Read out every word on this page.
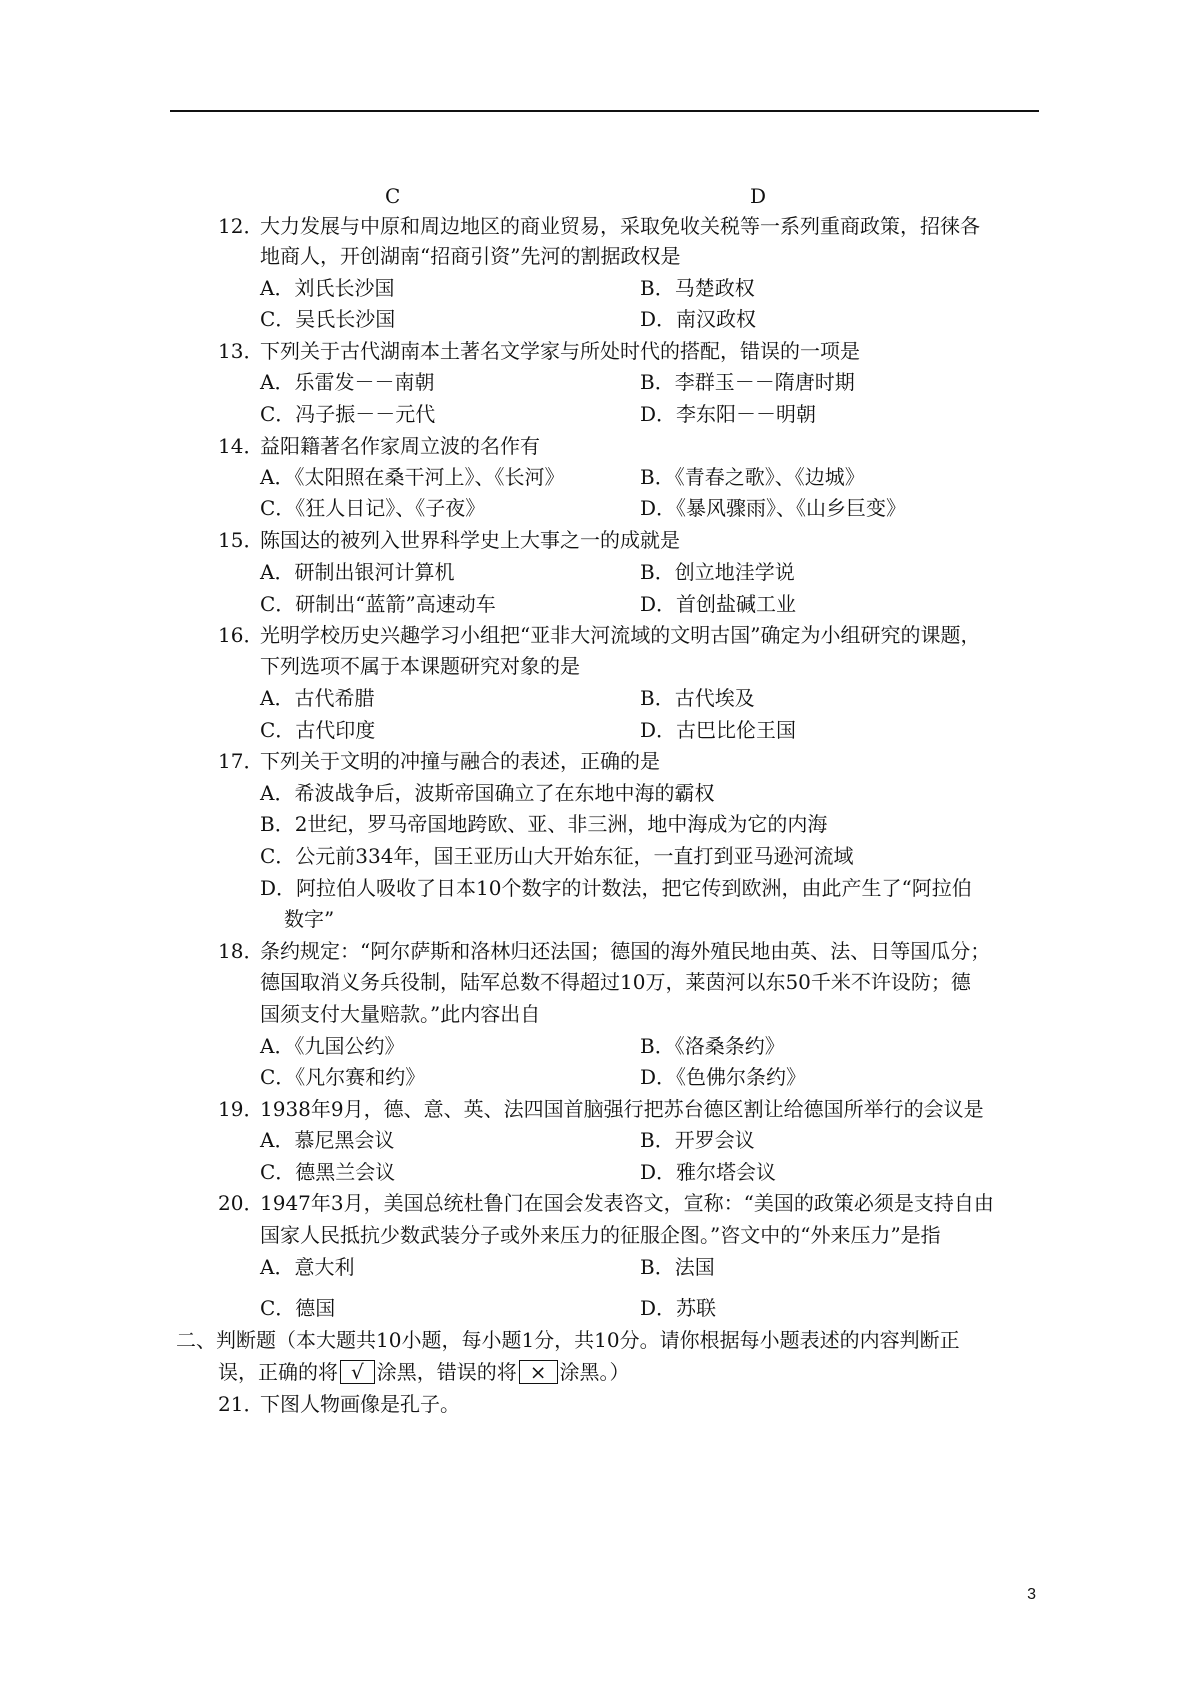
C	D
12．大力发展与中原和周边地区的商业贸易，采取免收关税等一系列重商政策，招徕各
地商人，开创湖南“招商引资”先河的割据政权是
A．刘氏长沙国	B．马楚政权
C．吴氏长沙国	D．南汉政权
13．下列关于古代湖南本土著名文学家与所处时代的搭配，错误的一项是
A．乐雷发－－南朝	B．李群玉－－隋唐时期
C．冯子振－－元代	D．李东阳－－明朝
14．益阳籍著名作家周立波的名作有
A．《太阳照在桑干河上》、《长河》	B．《青春之歌》、《边城》
C．《狂人日记》、《子夜》	D．《暴风骤雨》、《山乡巨变》
15．陈国达的被列入世界科学史上大事之一的成就是
A．研制出银河计算机	B．创立地洼学说
C．研制出“蓝箭”高速动车	D．首创盐碱工业
16．光明学校历史兴趣学习小组把“亚非大河流域的文明古国”确定为小组研究的课题，
下列选项不属于本课题研究对象的是
A．古代希腊	B．古代埃及
C．古代印度	D．古巴比伦王国
17．下列关于文明的冲撞与融合的表述，正确的是
A．希波战争后，波斯帝国确立了在东地中海的霸权
B．2世纪，罗马帝国地跨欧、亚、非三洲，地中海成为它的内海
C．公元前334年，国王亚历山大开始东征，一直打到亚马逊河流域
D．阿拉伯人吸收了日本10个数字的计数法，把它传到欧洲，由此产生了“阿拉伯
数字”
18．条约规定：“阿尔萨斯和洛林归还法国；德国的海外殖民地由英、法、日等国瓜分；
德国取消义务兵役制，陆军总数不得超过10万，莱茵河以东50千米不许设防；德
国须支付大量赔款。”此内容出自
A．《九国公约》	B．《洛桑条约》
C．《凡尔赛和约》	D．《色佛尔条约》
19．1938年9月，德、意、英、法四国首脑强行把苏台德区割让给德国所举行的会议是
A．慕尼黑会议	B．开罗会议
C．德黑兰会议	D．雅尔塔会议
20．1947年3月，美国总统杜鲁门在国会发表咨文，宣称：“美国的政策必须是支持自由
国家人民抵抗少数武装分子或外来压力的征服企图。”咨文中的“外来压力”是指
A．意大利	B．法国
C．德国	D．苏联
二、判断题（本大题共10小题，每小题1分，共10分。请你根据每小题表述的内容判断正
误，正确的将 √ 涂黑，错误的将 × 涂黑。）
21．下图人物画像是孔子。
3
